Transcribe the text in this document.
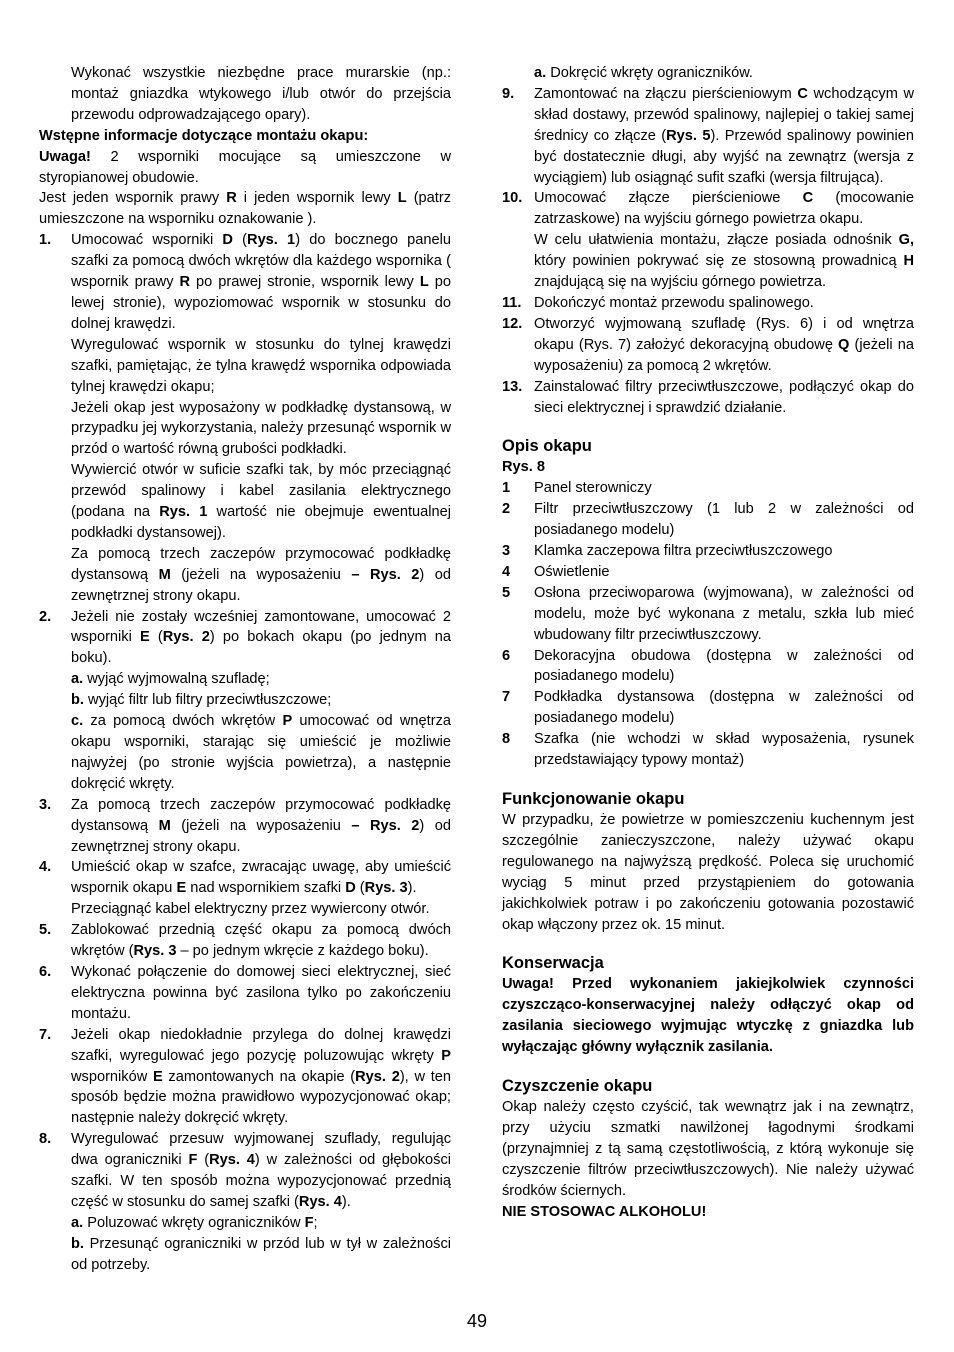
Wykonać wszystkie niezbędne prace murarskie (np.: montaż gniazdka wtykowego i/lub otwór do przejścia przewodu odprowadzającego opary).

Wstępne informacje dotyczące montażu okapu:

Uwaga! 2 wsporniki mocujące są umieszczone w styropianowej obudowie.

Jest jeden wspornik prawy R i jeden wspornik lewy L (patrz umieszczone na wsporniku oznakowanie ).

1.	Umocować wsporniki D (Rys. 1) do bocznego panelu szafki za pomocą dwóch wkrętów dla każdego wspornika ( wspornik prawy R po prawej stronie, wspornik lewy L po lewej stronie), wypoziomować wspornik w stosunku do dolnej krawędzi.

Wyregulować wspornik w stosunku do tylnej krawędzi szafki, pamiętając, że tylna krawędź wspornika odpowiada tylnej krawędzi okapu;

Jeżeli okap jest wyposażony w podkładkę dystansową, w przypadku jej wykorzystania, należy przesunąć wspornik w przód o wartość równą grubości podkładki.

Wywiercić otwór w suficie szafki tak, by móc przeciągnąć przewód spalinowy i kabel zasilania elektrycznego (podana na Rys. 1 wartość nie obejmuje ewentualnej podkładki dystansowej).

Za pomocą trzech zaczepów przymocować podkładkę dystansową M (jeżeli na wyposażeniu – Rys. 2) od zewnętrznej strony okapu.

2.	Jeżeli nie zostały wcześniej zamontowane, umocować 2 wsporniki E (Rys. 2) po bokach okapu (po jednym na boku).

a. wyjąć wyjmowalną szufladę;

b. wyjąć filtr lub filtry przeciwtłuszczowe;

c. za pomocą dwóch wkrętów P umocować od wnętrza okapu wsporniki, starając się umieścić je możliwie najwyżej (po stronie wyjścia powietrza), a następnie dokręcić wkręty.

3.	Za pomocą trzech zaczepów przymocować podkładkę dystansową M (jeżeli na wyposażeniu – Rys. 2) od zewnętrznej strony okapu.

4.	Umieścić okap w szafce, zwracając uwagę, aby umieścić wspornik okapu E nad wspornikiem szafki D (Rys. 3).

Przeciągnąć kabel elektryczny przez wywiercony otwór.

5.	Zablokować przednią część okapu za pomocą dwóch wkrętów (Rys. 3 – po jednym wkręcie z każdego boku).

6.	Wykonać połączenie do domowej sieci elektrycznej, sieć elektryczna powinna być zasilona tylko po zakończeniu montażu.

7.	Jeżeli okap niedokładnie przylega do dolnej krawędzi szafki, wyregulować jego pozycję poluzowując wkręty P wsporników E zamontowanych na okapie (Rys. 2), w ten sposób będzie można prawidłowo wypozycjonować okap; następnie należy dokręcić wkręty.

8.	Wyregulować przesuw wyjmowanej szuflady, regulując dwa ograniczniki F (Rys. 4) w zależności od głębokości szafki. W ten sposób można wypozycjonować przednią część w stosunku do samej szafki (Rys. 4).

a. Poluzować wkręty ograniczników F;

b. Przesunąć ograniczniki w przód lub w tył w zależności od potrzeby.

a. Dokręcić wkręty ograniczników.

9.	Zamontować na złączu pierścieniowym C wchodzącym w skład dostawy, przewód spalinowy, najlepiej o takiej samej średnicy co złącze (Rys. 5). Przewód spalinowy powinien być dostatecznie długi, aby wyjść na zewnątrz (wersja z wyciągiem) lub osiągnąć sufit szafki (wersja filtrująca).

10. Umocować złącze pierścieniowe C (mocowanie zatrzaskowe) na wyjściu górnego powietrza okapu.

W celu ułatwienia montażu, złącze posiada odnośnik G, który powinien pokrywać się ze stosowną prowadnicą H znajdującą się na wyjściu górnego powietrza.

11. Dokończyć montaż przewodu spalinowego.

12. Otworzyć wyjmowaną szufladę (Rys. 6) i od wnętrza okapu (Rys. 7) założyć dekoracyjną obudowę Q (jeżeli na wyposażeniu) za pomocą 2 wkrętów.

13. Zainstalować filtry przeciwtłuszczowe, podłączyć okap do sieci elektrycznej i sprawdzić działanie.

Opis okapu

Rys. 8

1	Panel sterowniczy
2	Filtr przeciwtłuszczowy (1 lub 2 w zależności od posiadanego modelu)
3	Klamka zaczepowa filtra przeciwtłuszczowego
4	Oświetlenie
5	Osłona przeciwoparowa (wyjmowana), w zależności od modelu, może być wykonana z metalu, szkła lub mieć wbudowany filtr przeciwtłuszczowy.
6	Dekoracyjna obudowa (dostępna w zależności od posiadanego modelu)
7	Podkładka dystansowa (dostępna w zależności od posiadanego modelu)
8	Szafka (nie wchodzi w skład wyposażenia, rysunek przedstawiający typowy montaż)
Funkcjonowanie okapu

W przypadku, że powietrze w pomieszczeniu kuchennym jest szczególnie zanieczyszczone, należy używać okapu regulowanego na najwyższą prędkość. Poleca się uruchomić wyciąg 5 minut przed przystąpieniem do gotowania jakichkolwiek potraw i po zakończeniu gotowania pozostawić okap włączony przez ok. 15 minut.

Konserwacja

Uwaga! Przed wykonaniem jakiejkolwiek czynności czyszcząco-konserwacyjnej należy odłączyć okap od zasilania sieciowego wyjmując wtyczkę z gniazdka lub wyłączając główny wyłącznik zasilania.

Czyszczenie okapu

Okap należy często czyścić, tak wewnątrz jak i na zewnątrz, przy użyciu szmatki nawilżonej łagodnymi środkami (przynajmniej z tą samą częstotliwością, z którą wykonuje się czyszczenie filtrów przeciwtłuszczowych). Nie należy używać środków ściernych.

NIE STOSOWAC ALKOHOLU!

49
